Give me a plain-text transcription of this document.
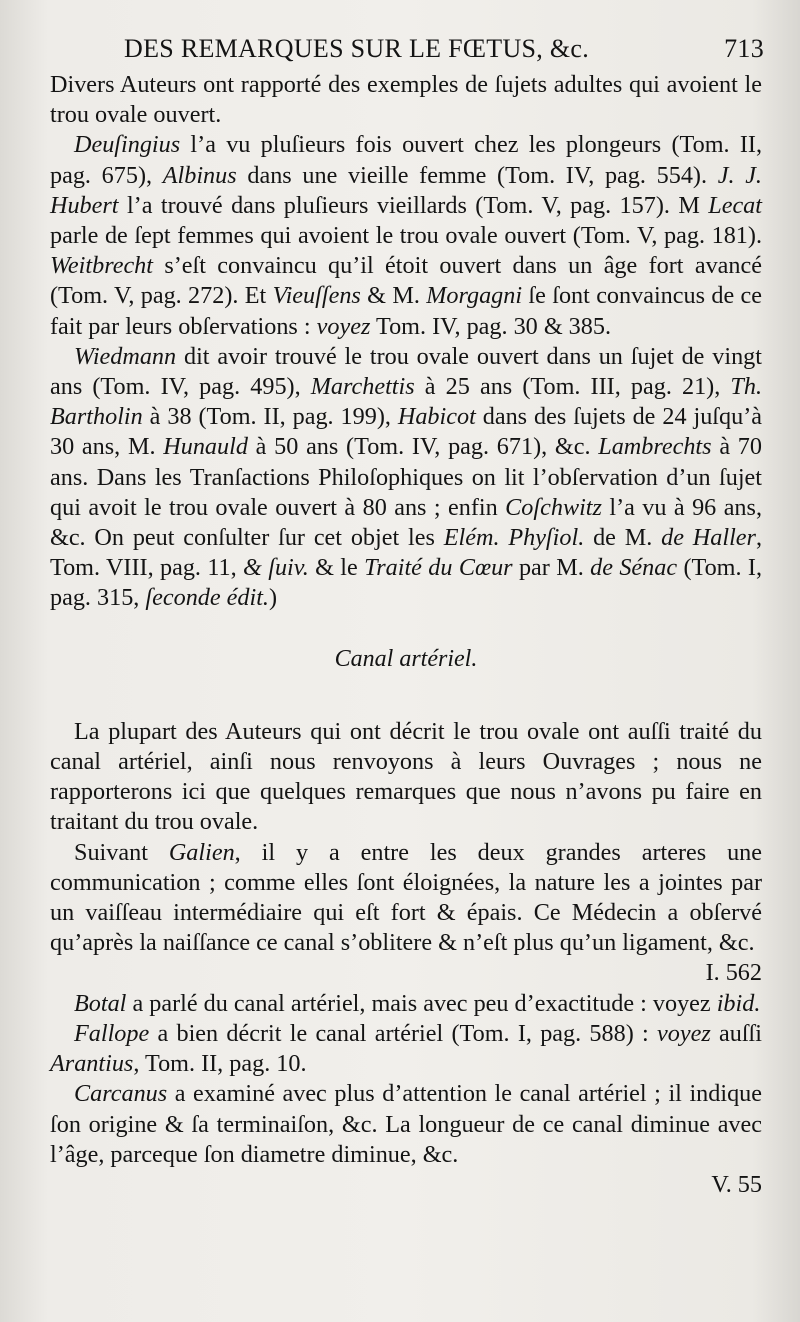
DES REMARQUES SUR LE FŒTUS, &c.	713

Divers Auteurs ont rapporté des exemples de ſujets adultes qui avoient le trou ovale ouvert.

Deuſingius l’a vu pluſieurs fois ouvert chez les plongeurs (Tom. II, pag. 675), Albinus dans une vieille femme (Tom. IV, pag. 554). J. J. Hubert l’a trouvé dans pluſieurs vieillards (Tom. V, pag. 157). M Lecat parle de ſept femmes qui avoient le trou ovale ouvert (Tom. V, pag. 181). Weitbrecht s’eſt convaincu qu’il étoit ouvert dans un âge fort avancé (Tom. V, pag. 272). Et Vieuſſens & M. Morgagni ſe ſont convaincus de ce fait par leurs obſervations : voyez Tom. IV, pag. 30 & 385.

Wiedmann dit avoir trouvé le trou ovale ouvert dans un ſujet de vingt ans (Tom. IV, pag. 495), Marchettis à 25 ans (Tom. III, pag. 21), Th. Bartholin à 38 (Tom. II, pag. 199), Habicot dans des ſujets de 24 juſqu’à 30 ans, M. Hunauld à 50 ans (Tom. IV, pag. 671), &c. Lambrechts à 70 ans. Dans les Tranſactions Philoſophiques on lit l’obſervation d’un ſujet qui avoit le trou ovale ouvert à 80 ans ; enfin Coſchwitz l’a vu à 96 ans, &c. On peut conſulter ſur cet objet les Elém. Phyſiol. de M. de Haller, Tom. VIII, pag. 11, & ſuiv. & le Traité du Cœur par M. de Sénac (Tom. I, pag. 315, ſeconde édit.)

Canal artériel.

La plupart des Auteurs qui ont décrit le trou ovale ont auſſi traité du canal artériel, ainſi nous renvoyons à leurs Ouvrages ; nous ne rapporterons ici que quelques remarques que nous n’avons pu faire en traitant du trou ovale.

Suivant Galien, il y a entre les deux grandes arteres une communication ; comme elles ſont éloignées, la nature les a jointes par un vaiſſeau intermédiaire qui eſt fort & épais. Ce Médecin a obſervé qu’après la naiſſance ce canal s’oblitere & n’eſt plus qu’un ligament, &c.
I. 562

Botal a parlé du canal artériel, mais avec peu d’exactitude : voyez ibid.

Fallope a bien décrit le canal artériel (Tom. I, pag. 588) : voyez auſſi Arantius, Tom. II, pag. 10.

Carcanus a examiné avec plus d’attention le canal artériel ; il indique ſon origine & ſa terminaiſon, &c. La longueur de ce canal diminue avec l’âge, parceque ſon diametre diminue, &c.
V. 55
